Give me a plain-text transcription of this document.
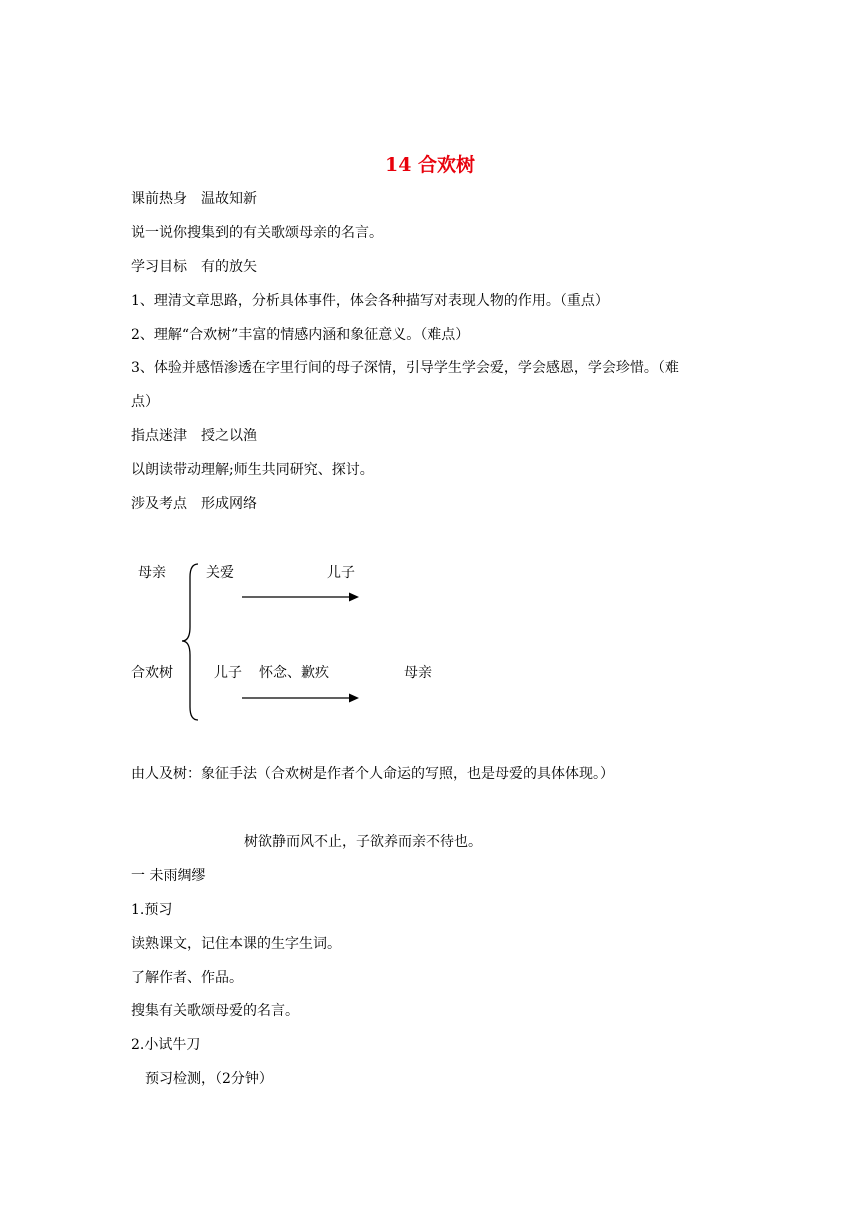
14 合欢树
课前热身　温故知新
说一说你搜集到的有关歌颂母亲的名言。
学习目标　有的放矢
1、理清文章思路，分析具体事件，体会各种描写对表现人物的作用。（重点）
2、理解“合欢树”丰富的情感内涵和象征意义。（难点）
3、体验并感悟渗透在字里行间的母子深情，引导学生学会爱，学会感恩，学会珍惜。（难
点）
指点迷津　授之以渔
以朗读带动理解;师生共同研究、探讨。
涉及考点　形成网络
母亲	关爱	儿子
合欢树	儿子 怀念、歉疚	母亲
由人及树：象征手法（合欢树是作者个人命运的写照，也是母爱的具体体现。）
树欲静而风不止，子欲养而亲不待也。
一 未雨绸缪
1.预习
读熟课文，记住本课的生字生词。
了解作者、作品。
搜集有关歌颂母爱的名言。
2.小试牛刀
预习检测，（2分钟）
